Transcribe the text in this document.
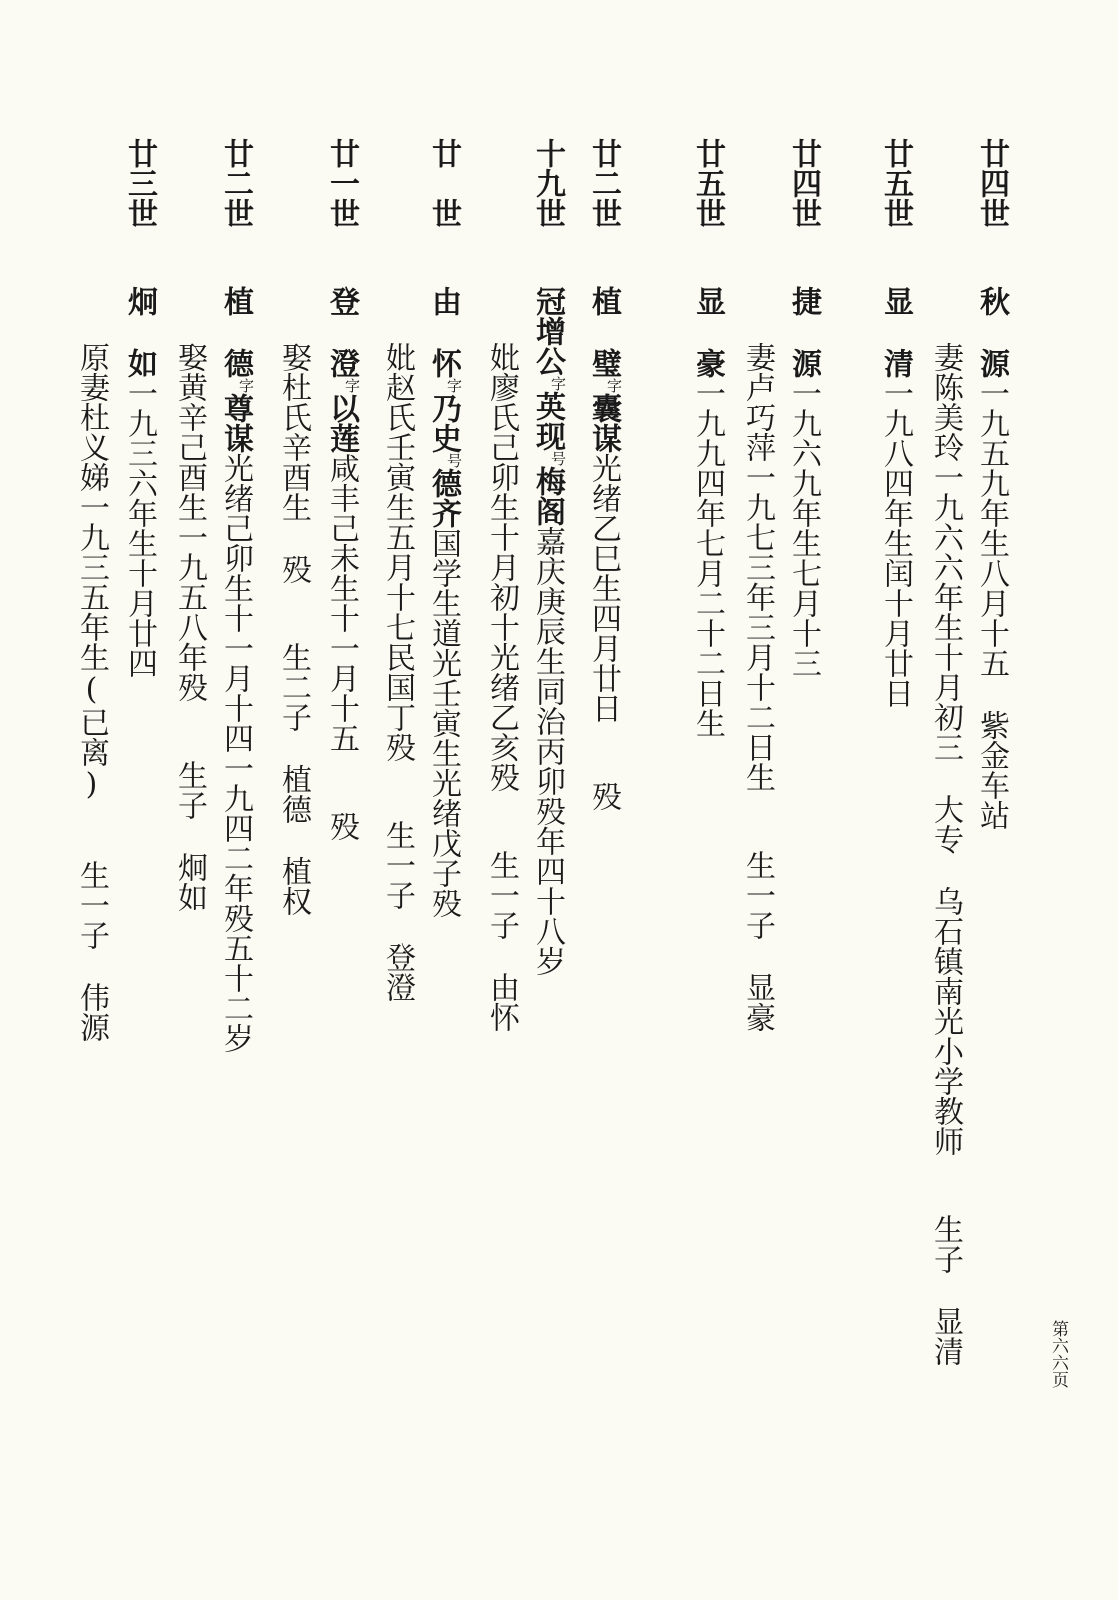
廿四世秋源一九五九年生八月十五紫金车站
妻陈美玲一九六六年生十月初三大专乌石镇南光小学教师生子显清
廿五世显清一九八四年生闰十月廿日
廿四世捷源一九六九年生七月十三
妻卢巧萍一九七三年三月十二日生生一子显豪
廿五世显豪一九九四年七月二十二日生
廿二世植璧$^字$囊谋光绪乙巳生四月廿日殁
十九世冠增公$^字$英现$^号$梅阁嘉庆庚辰生同治丙卯殁年四十八岁
妣廖氏己卯生十月初十光绪乙亥殁生一子由怀
廿　世由怀$^字$乃史$^号$德齐国学生道光壬寅生光绪戊子殁
妣赵氏壬寅生五月十七民国丁殁生一子登澄
廿一世登澄$^字$以莲咸丰己未生十一月十五殁
娶杜氏辛酉生殁生二子植德植权
廿二世植德$^字$尊谋光绪己卯生十一月十四一九四二年殁五十二岁
娶黄辛己酉生一九五八年殁生子炯如
廿三世炯如一九三六年生十月廿四
原妻杜义娣一九三五年生(已离)生一子伟源
第六六页
